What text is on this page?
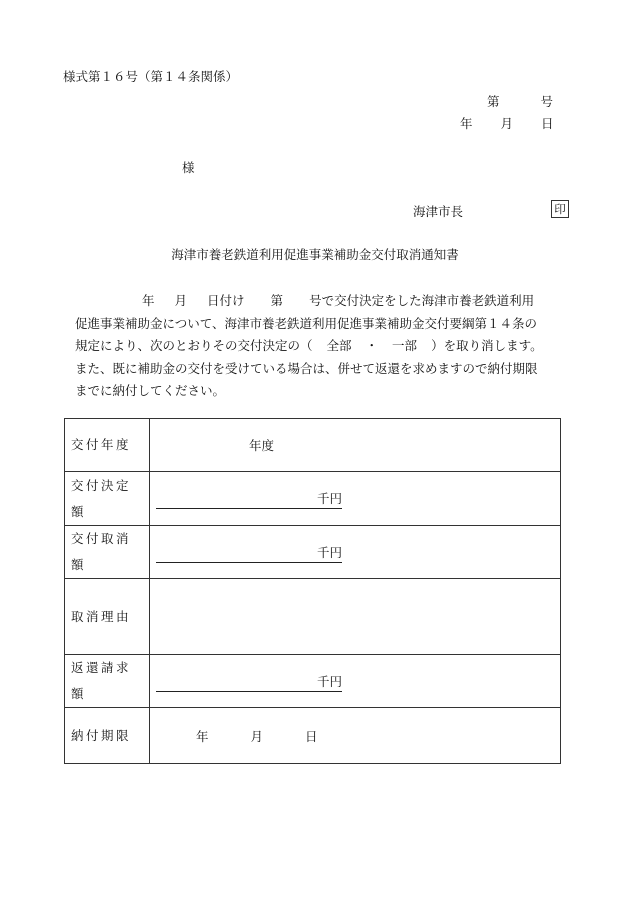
様式第１６号（第１４条関係）
第	号
年 月 日
様
海津市長	印
海津市養老鉄道利用促進事業補助金交付取消通知書
年 月 日付け 第 号で交付決定をした海津市養老鉄道利用
促進事業補助金について、海津市養老鉄道利用促進事業補助金交付要綱第１４条の
規定により、次のとおりその交付決定の（ 全部 ・ 一部 ）を取り消します。
また、既に補助金の交付を受けている場合は、併せて返還を求めますので納付期限
までに納付してください。
交付年度	年度
交付決定額	千円

交付取消額	千円

取消理由	
返還請求額	千円

納付期限	年 月 日
